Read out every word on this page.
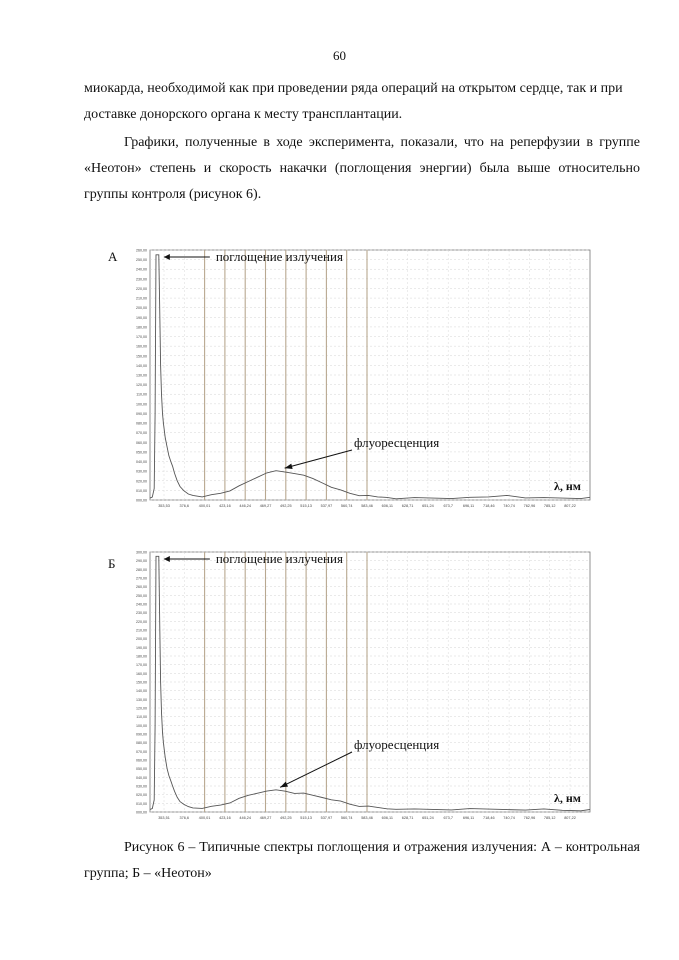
60

миокарда, необходимой как при проведении ряда операций на открытом сердце, так и при доставке донорского органа к месту трансплантации.

Графики, полученные в ходе эксперимента, показали, что на реперфузии в группе «Неотон» степень и скорость накачки (поглощения энергии) была выше относительно группы контроля (рисунок 6).

А
000,00
010,00
020,00
030,00
040,00
050,00
060,00
070,00
080,00
090,00
100,00
110,00
120,00
130,00
140,00
150,00
160,00
170,00
180,00
190,00
200,00
210,00
220,00
230,00
240,00
250,00
260,00
353,53	376,6	400,01 423,16 446,24 469,27 492,25 515,13 537,97 560,74 583,46 606,11 628,71 651,24	673,7	696,11 718,46 740,74 762,96 785,12 807,22
поглощение излучения
флуоресценция
λ, нм
Б
000,00
010,00
020,00
030,00
040,00
050,00
060,00
070,00
080,00
090,00
100,00
110,00
120,00
130,00
140,00
150,00
160,00
170,00
180,00
190,00
200,00
210,00
220,00
230,00
240,00
250,00
260,00
270,00
280,00
290,00
300,00
353,51	376,6	400,01 423,16 446,24 469,27 492,25 515,13 537,97 560,74 583,46 606,11 628,71 651,24	673,7	696,11 718,46 740,74 762,96 785,12 807,22
поглощение излучения
флуоресценция
λ, нм

Рисунок 6 – Типичные спектры поглощения и отражения излучения: А – контрольная группа; Б – «Неотон»
